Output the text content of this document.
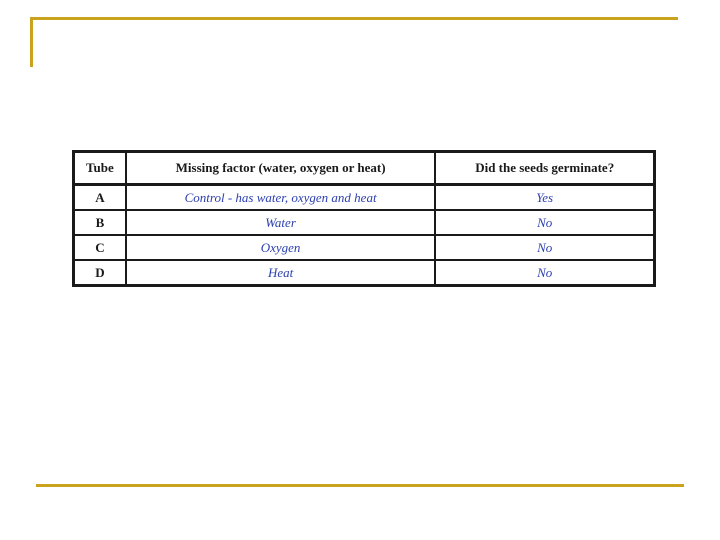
Tube	Missing factor (water, oxygen or heat)	Did the seeds germinate?
A	Control - has water, oxygen and heat	Yes
B	Water	No
C	Oxygen	No
D	Heat	No
